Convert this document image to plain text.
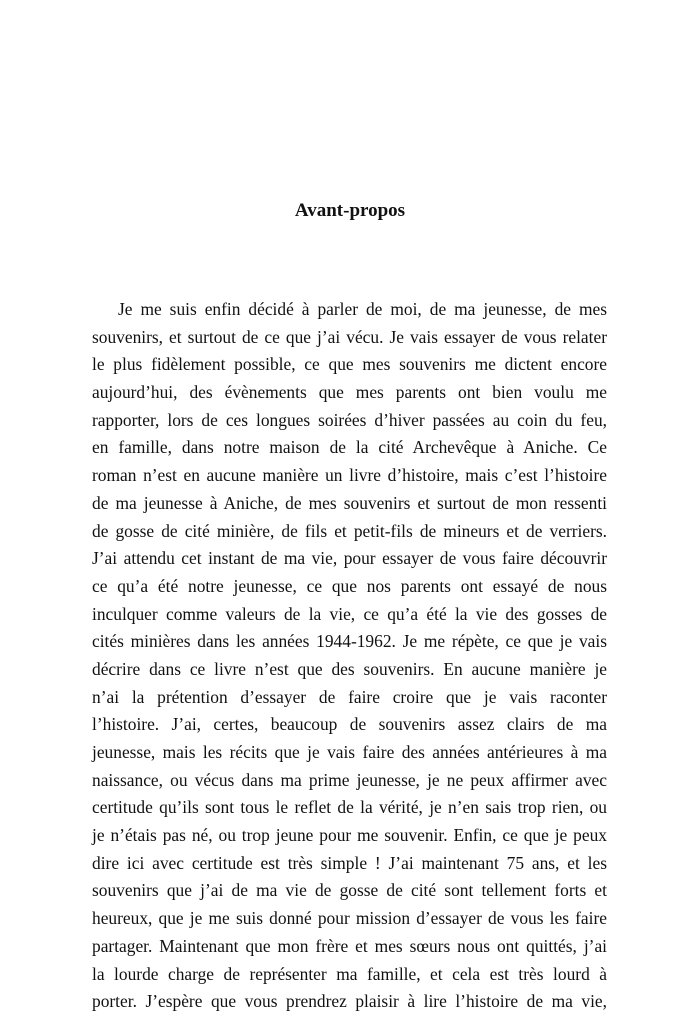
Avant-propos
Je me suis enfin décidé à parler de moi, de ma jeunesse, de mes
souvenirs, et surtout de ce que j’ai vécu. Je vais essayer de vous relater
le plus fidèlement possible, ce que mes souvenirs me dictent encore
aujourd’hui, des évènements que mes parents ont bien voulu me
rapporter, lors de ces longues soirées d’hiver passées au coin du feu,
en famille, dans notre maison de la cité Archevêque à Aniche. Ce
roman n’est en aucune manière un livre d’histoire, mais c’est l’histoire
de ma jeunesse à Aniche, de mes souvenirs et surtout de mon ressenti
de gosse de cité minière, de fils et petit-fils de mineurs et de verriers.
J’ai attendu cet instant de ma vie, pour essayer de vous faire découvrir
ce qu’a été notre jeunesse, ce que nos parents ont essayé de nous
inculquer comme valeurs de la vie, ce qu’a été la vie des gosses de
cités minières dans les années 1944-1962. Je me répète, ce que je vais
décrire dans ce livre n’est que des souvenirs. En aucune manière je
n’ai la prétention d’essayer de faire croire que je vais raconter
l’histoire. J’ai, certes, beaucoup de souvenirs assez clairs de ma
jeunesse, mais les récits que je vais faire des années antérieures à ma
naissance, ou vécus dans ma prime jeunesse, je ne peux affirmer avec
certitude qu’ils sont tous le reflet de la vérité, je n’en sais trop rien, ou
je n’étais pas né, ou trop jeune pour me souvenir. Enfin, ce que je peux
dire ici avec certitude est très simple ! J’ai maintenant 75 ans, et les
souvenirs que j’ai de ma vie de gosse de cité sont tellement forts et
heureux, que je me suis donné pour mission d’essayer de vous les faire
partager. Maintenant que mon frère et mes sœurs nous ont quittés, j’ai
la lourde charge de représenter ma famille, et cela est très lourd à
porter. J’espère que vous prendrez plaisir à lire l’histoire de ma vie,
